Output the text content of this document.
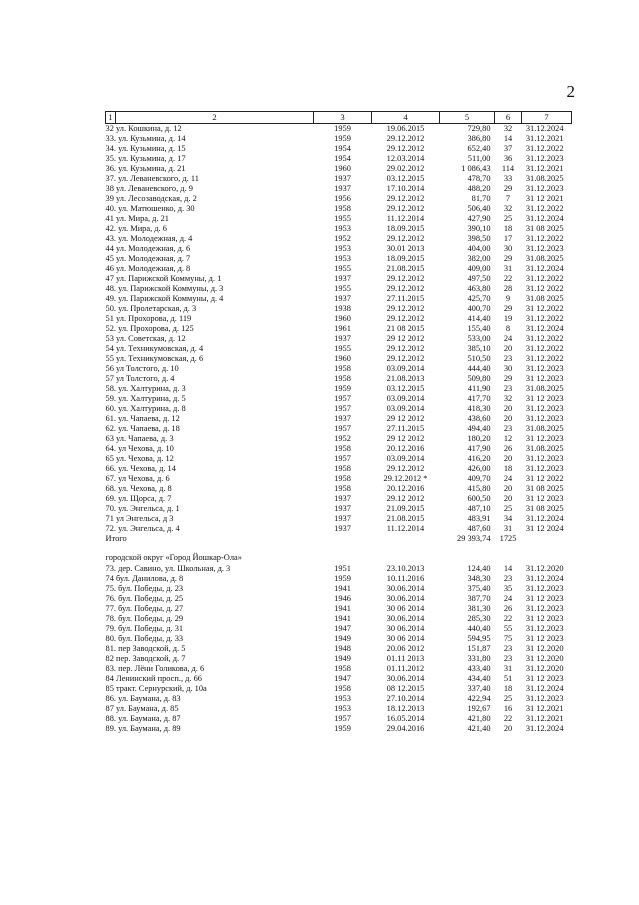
2
1	2	3	4	5	6	7
32 ул. Кошкина, д. 12		1959	19.06.2015	729,80	32	31.12.2024
33. ул. Кузьмина, д. 14		1959	29.12.2012	386,80	14	31.12.2021
34. ул. Кузьмина, д. 15		1954	29.12.2012	652,40	37	31.12.2022
35. ул. Кузьмина, д. 17		1954	12.03.2014	511,00	36	31.12.2023
36. ул. Кузьмина, д. 21		1960	29.02.2012	1 086,43	114	31.12.2021
37. ул. Леваневского, д. 11		1937	03.12.2015	478,70	33	31.08.2025
38 ул. Леваневского, д. 9		1937	17.10.2014	488,20	29	31.12.2023
39 ул. Лесозаводская, д. 2		1956	29.12.2012	81,70	7	31 12 2021
40. ул. Матюшенко, д. 30		1958	29.12.2012	506,40	32	31.12.2022
41 ул. Мира, д. 21		1955	11.12.2014	427,90	25	31.12.2024
42. ул. Мира, д. 6		1953	18.09.2015	390,10	18	31 08 2025
43. ул. Молодежная, д. 4		1952	29.12.2012	398,50	17	31.12.2022
44 ул. Молодежная, д. 6		1953	30.01 2013	404,00	30	31.12.2023
45 ул. Молодежная, д. 7		1953	18.09.2015	382,00	29	31.08.2025
46 ул. Молодежная, д. 8		1955	21.08.2015	409,00	31	31.12.2024
47 ул. Парижской Коммуны, д. 1		1937	29.12.2012	497,50	22	31.12.2022
48. ул. Парижской Коммуны, д. 3		1955	29.12.2012	463,80	28	31.12 2022
49. ул. Парижской Коммуны, д. 4		1937	27.11.2015	425,70	9	31.08 2025
50. ул. Пролетарская, д. 3		1938	29.12.2012	400,70	29	31 12.2022
51 ул. Прохорова, д. 119		1960	29.12.2012	414,40	19	31.12.2022
52. ул. Прохорова, д. 125		1961	21 08 2015	155,40	8	31.12.2024
53 ул. Советская, д. 12		1937	29 12 2012	533,00	24	31.12.2022
54 ул. Техникумовская, д. 4		1955	29.12.2012	385,10	20	31.12.2022
55 ул. Техникумовская, д. 6		1960	29.12.2012	510,50	23	31.12.2022
56 ул Толстого, д. 10		1958	03.09.2014	444,40	30	31.12.2023
57 ул Толстого, д. 4		1958	21.08.2013	509,80	29	31 12.2023
58. ул. Халтурина, д. 3		1959	03.12.2015	411,90	23	31.08.2025
59. ул. Халтурина, д. 5		1957	03.09.2014	417,70	32	31 12 2023
60. ул. Халтурина, д. 8		1957	03.09.2014	418,30	20	31.12.2023
61. ул. Чапаева, д. 12		1937	29 12 2012	438,60	20	31.12.2023
62. ул. Чапаева, д. 18		1957	27.11.2015	494,40	23	31.08.2025
63 ул. Чапаева, д. 3		1952	29 12 2012	180,20	12	31 12.2023
64. ул Чехова, д. 10		1958	20.12.2016	417,90	26	31.08.2025
65 ул. Чехова, д. 12		1957	03.09.2014	416,20	20	31.12.2023
66. ул. Чехова, д. 14		1958	29.12.2012	426,00	18	31.12.2023
67. ул Чехова, д. 6		1958	29.12.2012 *	409,70	24	31 12 2022
68. ул. Чехова, д. 8		1958	20.12.2016	415,80	20	31 08 2025
69. ул. Щорса, д. 7		1937	29.12 2012	600,50	20	31 12 2023
70. ул. Энгельса, д. 1		1937	21.09.2015	487,10	25	31 08 2025
71 ул Энгельса, д 3		1937	21.08.2015	483,91	34	31.12.2024
72. ул. Энгельса, д. 4		1937	11.12.2014	487,60	31	31 12 2024
Итого				29 393,74	1725	

городской округ «Город Йошкар-Ола»						
73. дер. Савино, ул. Школьная, д. 3		1951	23.10.2013	124,40	14	31.12.2020
74 бул. Данилова, д. 8		1959	10.11.2016	348,30	23	31.12.2024
75. бул. Победы, д. 23		1941	30.06.2014	375,40	35	31.12.2023
76. бул. Победы, д. 25		1946	30.06.2014	387,70	24	31 12 2023
77. бул. Победы, д. 27		1941	30 06 2014	381,30	26	31.12.2023
78. бул. Победы, д. 29		1941	30.06.2014	285,30	22	31 12 2023
79. бул. Победы, д. 31		1947	30 06.2014	440,40	55	31.12.2023
80. бул. Победы, д. 33		1949	30 06 2014	594,95	75	31 12 2023
81. пер Заводской, д. 5		1948	20.06 2012	151,87	23	31 12.2020
82 пер. Заводской, д. 7		1949	01.11 2013	331,80	23	31 12.2020
83. пер. Лёни Голикова, д. 6		1958	01.11.2012	433,40	31	31.12.2020
84 Ленинский просп., д. 66		1947	30.06.2014	434,40	51	31 12 2023
85 тракт. Сернурский, д. 10а		1958	08 12.2015	337,40	18	31.12.2024
86. ул. Баумана, д. 83		1953	27.10.2014	422,94	25	31.12.2023
87 ул. Баумана, д. 85		1953	18.12.2013	192,67	16	31 12.2021
88. ул. Баумана, д. 87		1957	16.05.2014	421,80	22	31.12.2021
89. ул. Баумана, д. 89		1959	29.04.2016	421,40	20	31.12.2024
